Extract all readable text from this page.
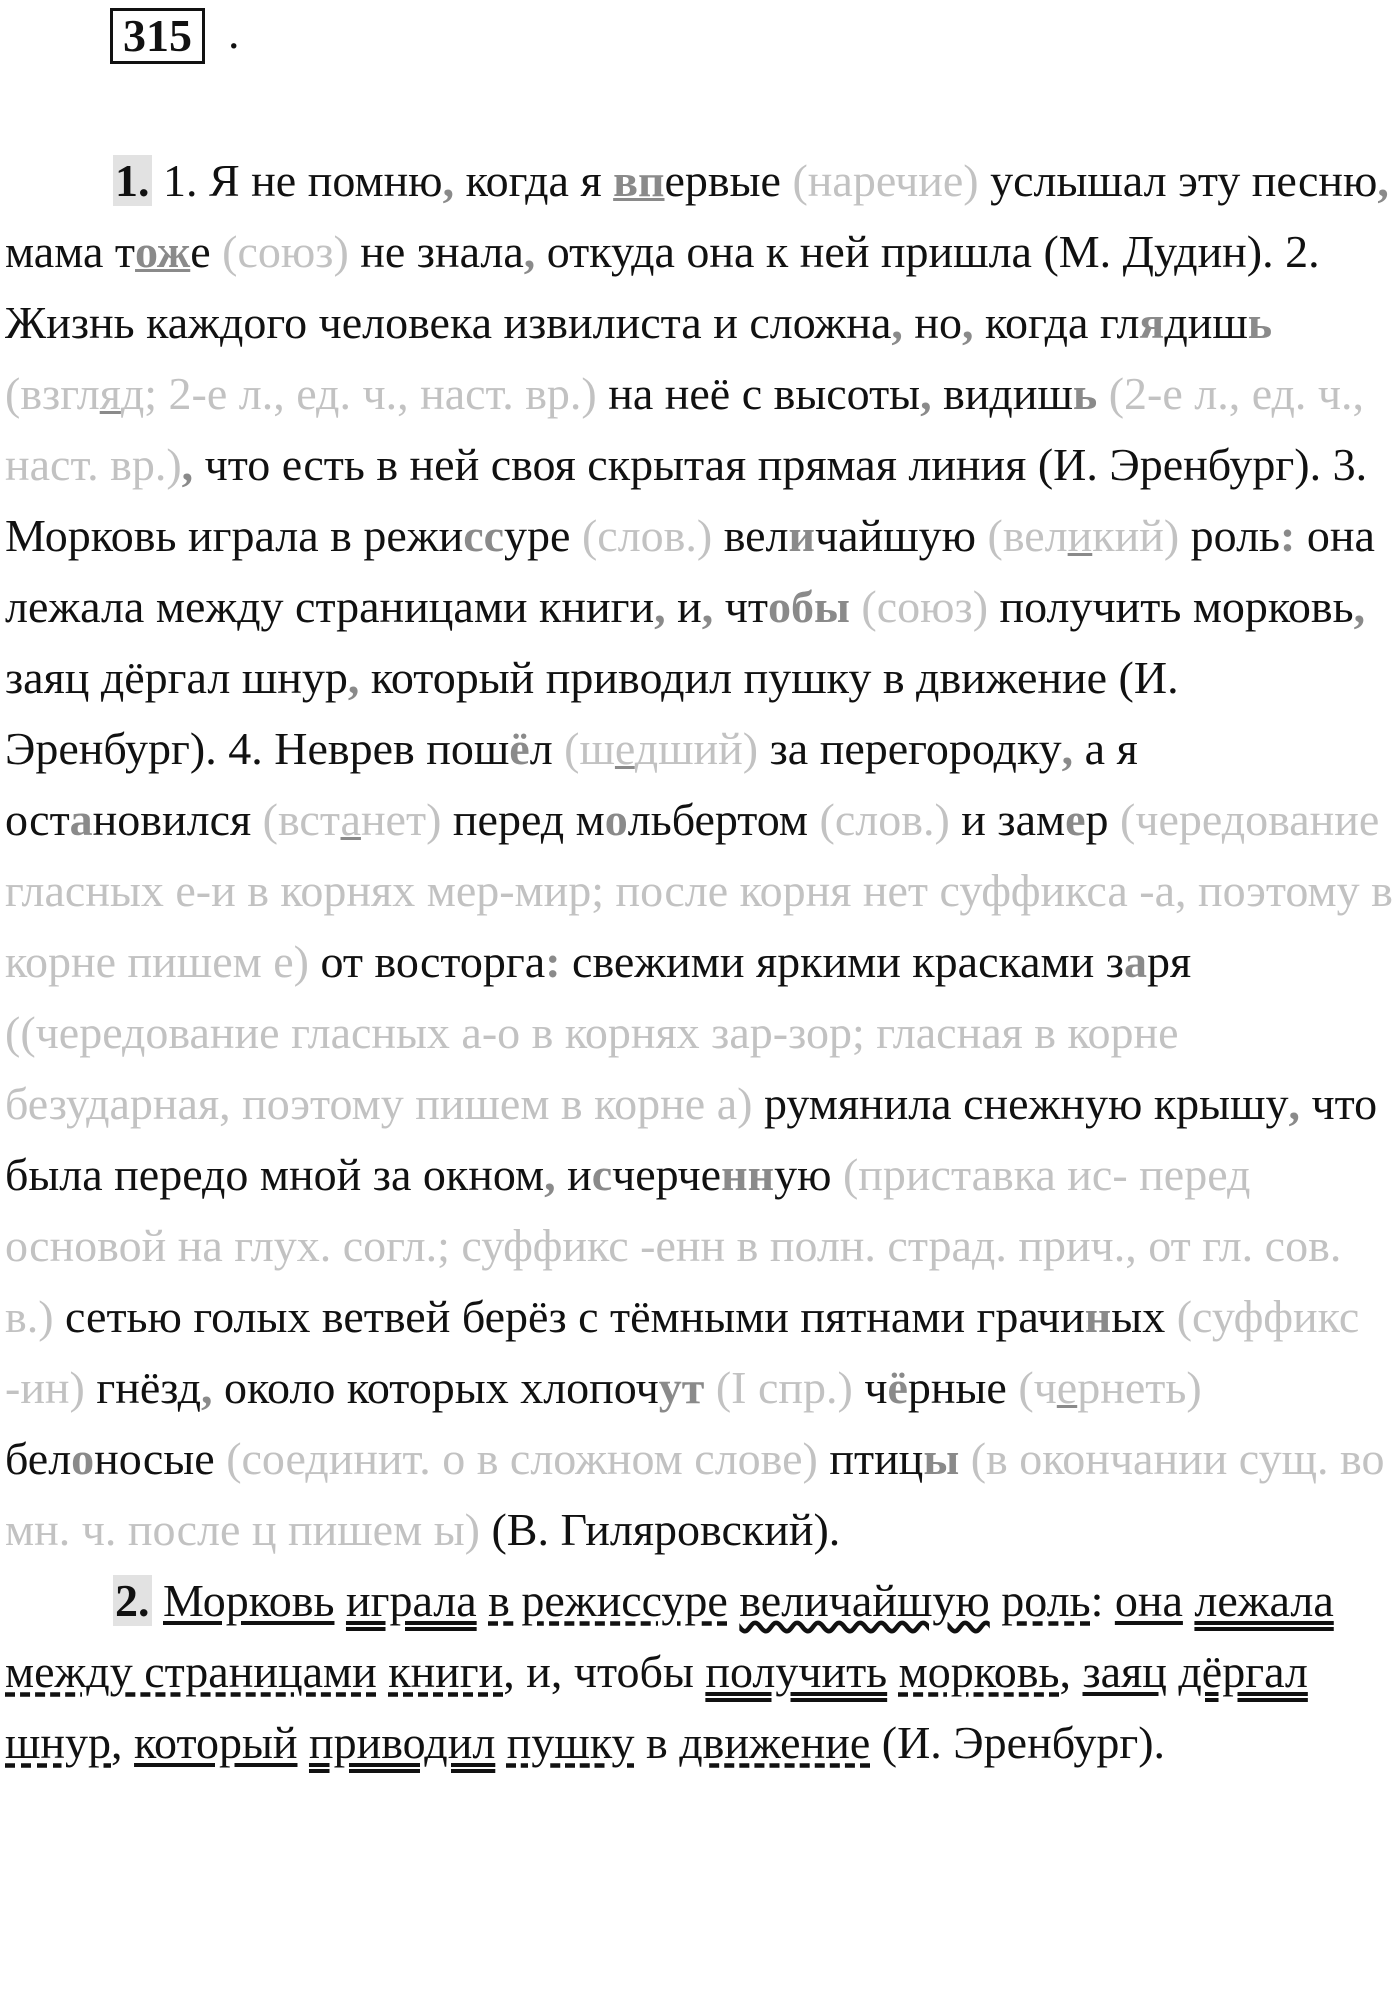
315 .

1. 1. Я не помню, когда я впервые (наречие) услышал эту песню, мама тоже (союз) не знала, откуда она к ней пришла (М. Дудин). 2. Жизнь каждого человека извилиста и сложна, но, когда глядишь (взгляд; 2-е л., ед. ч., наст. вр.) на неё с высоты, видишь (2-е л., ед. ч., наст. вр.), что есть в ней своя скрытая прямая линия (И. Эренбург). 3. Морковь играла в режиссуре (слов.) величайшую (великий) роль: она лежала между страницами книги, и, чтобы (союз) получить морковь, заяц дёргал шнур, который приводил пушку в движение (И. Эренбург). 4. Неврев пошёл (шедший) за перегородку, а я остановился (встанет) перед мольбертом (слов.) и замер (чередование гласных е-и в корнях мер-мир; после корня нет суффикса -а, поэтому в корне пишем е) от восторга: свежими яркими красками заря ((чередование гласных а-о в корнях зар-зор; гласная в корне безударная, поэтому пишем в корне а) румянила снежную крышу, что была передо мной за окном, исчерченную (приставка ис- перед основой на глух. согл.; суффикс -енн в полн. страд. прич., от гл. сов. в.) сетью голых ветвей берёз с тёмными пятнами грачиных (суффикс -ин) гнёзд, около которых хлопочут (I спр.) чёрные (чернеть) белоносые (соединит. о в сложном слове) птицы (в окончании сущ. во мн. ч. после ц пишем ы) (В. Гиляровский).

2. Морковь играла в режиссуре величайшую роль: она лежала между страницами книги, и, чтобы получить морковь, заяц дёргал шнур, который приводил пушку в движение (И. Эренбург).
